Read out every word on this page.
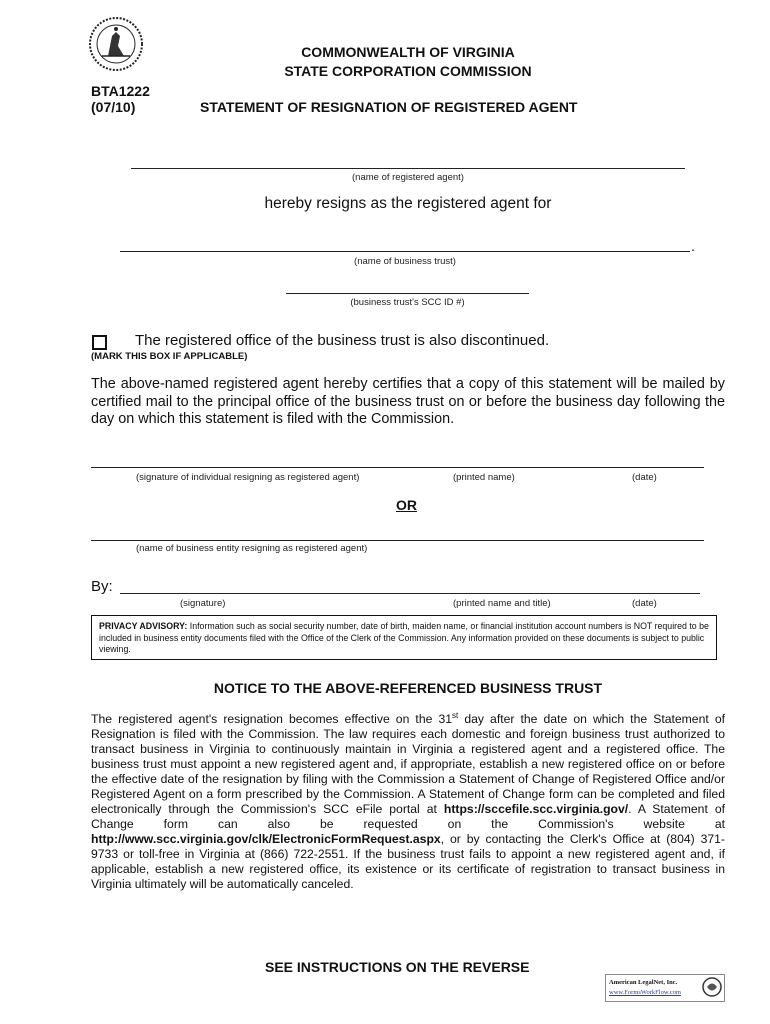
COMMONWEALTH OF VIRGINIA
STATE CORPORATION COMMISSION
BTA1222
(07/10)	STATEMENT OF RESIGNATION OF REGISTERED AGENT
(name of registered agent)
hereby resigns as the registered agent for
.
(name of business trust)
(business trust's SCC ID #)
The registered office of the business trust is also discontinued.
(MARK THIS BOX IF APPLICABLE)
The above-named registered agent hereby certifies that a copy of this statement will be mailed by certified mail to the principal office of the business trust on or before the business day following the day on which this statement is filed with the Commission.
(signature of individual resigning as registered agent)	(printed name)	(date)
OR
(name of business entity resigning as registered agent)
By:
(signature)	(printed name and title)	(date)
PRIVACY ADVISORY: Information such as social security number, date of birth, maiden name, or financial institution account numbers is NOT required to be included in business entity documents filed with the Office of the Clerk of the Commission. Any information provided on these documents is subject to public viewing.
NOTICE TO THE ABOVE-REFERENCED BUSINESS TRUST
The registered agent's resignation becomes effective on the 31st day after the date on which the Statement of Resignation is filed with the Commission. The law requires each domestic and foreign business trust authorized to transact business in Virginia to continuously maintain in Virginia a registered agent and a registered office. The business trust must appoint a new registered agent and, if appropriate, establish a new registered office on or before the effective date of the resignation by filing with the Commission a Statement of Change of Registered Office and/or Registered Agent on a form prescribed by the Commission. A Statement of Change form can be completed and filed electronically through the Commission's SCC eFile portal at https://sccefile.scc.virginia.gov/. A Statement of Change form can also be requested on the Commission's website at http://www.scc.virginia.gov/clk/ElectronicFormRequest.aspx, or by contacting the Clerk's Office at (804) 371-9733 or toll-free in Virginia at (866) 722-2551. If the business trust fails to appoint a new registered agent and, if applicable, establish a new registered office, its existence or its certificate of registration to transact business in Virginia ultimately will be automatically canceled.
SEE INSTRUCTIONS ON THE REVERSE
American LegalNet, Inc.
www.FormsWorkFlow.com
